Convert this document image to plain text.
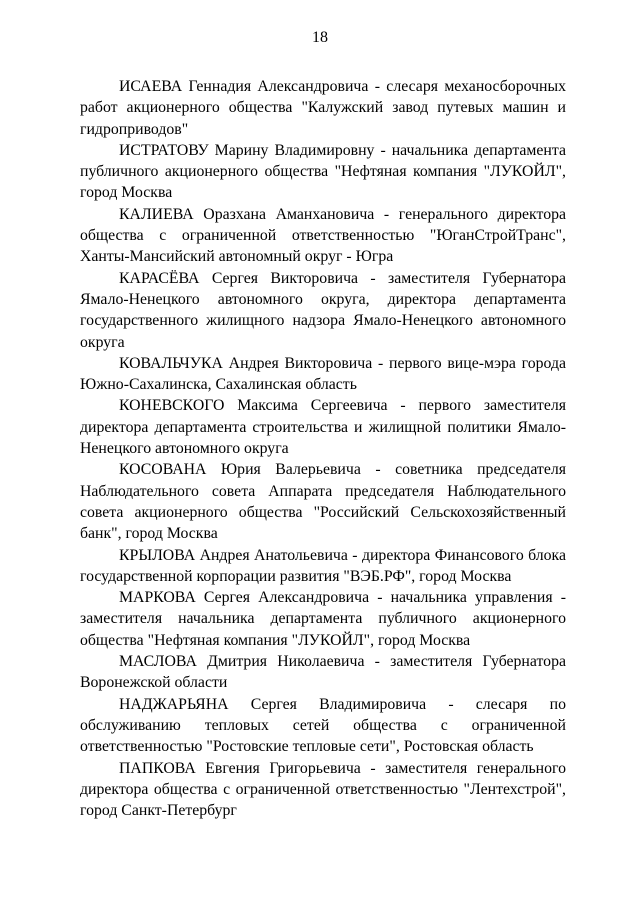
18

ИСАЕВА Геннадия Александровича - слесаря механосборочных работ акционерного общества "Калужский завод путевых машин и гидроприводов"

ИСТРАТОВУ Марину Владимировну - начальника департамента публичного акционерного общества "Нефтяная компания "ЛУКОЙЛ", город Москва

КАЛИЕВА Оразхана Аманхановича - генерального директора общества с ограниченной ответственностью "ЮганСтройТранс", Ханты-Мансийский автономный округ - Югра

КАРАСЁВА Сергея Викторовича - заместителя Губернатора Ямало-Ненецкого автономного округа, директора департамента государственного жилищного надзора Ямало-Ненецкого автономного округа

КОВАЛЬЧУКА Андрея Викторовича - первого вице-мэра города Южно-Сахалинска, Сахалинская область

КОНЕВСКОГО Максима Сергеевича - первого заместителя директора департамента строительства и жилищной политики Ямало-Ненецкого автономного округа

КОСОВАНА Юрия Валерьевича - советника председателя Наблюдательного совета Аппарата председателя Наблюдательного совета акционерного общества "Российский Сельскохозяйственный банк", город Москва

КРЫЛОВА Андрея Анатольевича - директора Финансового блока государственной корпорации развития "ВЭБ.РФ", город Москва

МАРКОВА Сергея Александровича - начальника управления - заместителя начальника департамента публичного акционерного общества "Нефтяная компания "ЛУКОЙЛ", город Москва

МАСЛОВА Дмитрия Николаевича - заместителя Губернатора Воронежской области

НАДЖАРЬЯНА Сергея Владимировича - слесаря по обслуживанию тепловых сетей общества с ограниченной ответственностью "Ростовские тепловые сети", Ростовская область

ПАПКОВА Евгения Григорьевича - заместителя генерального директора общества с ограниченной ответственностью "Лентехстрой", город Санкт-Петербург
